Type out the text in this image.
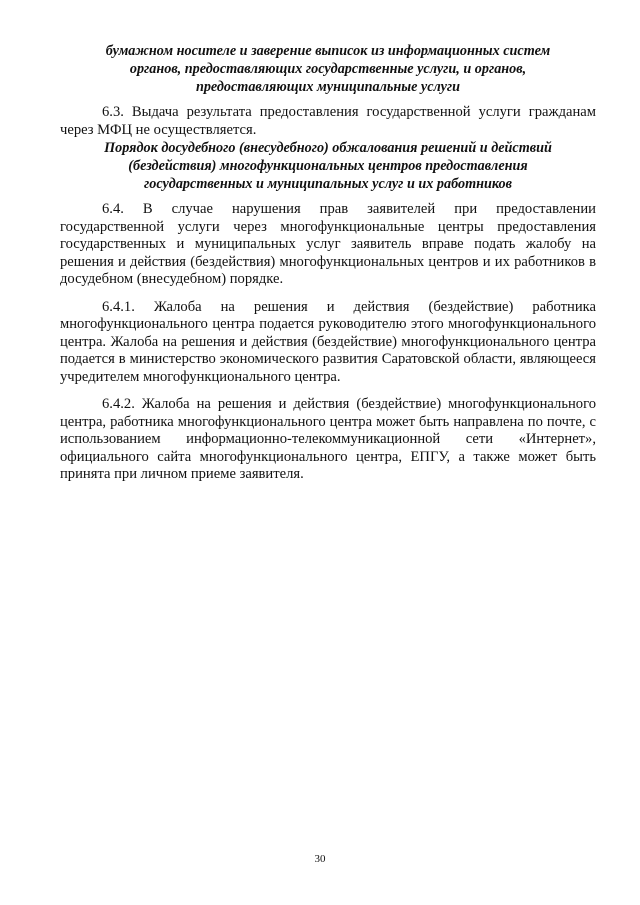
бумажном носителе и заверение выписок из информационных систем
органов, предоставляющих государственные услуги, и органов,
предоставляющих муниципальные услуги

6.3. Выдача результата предоставления государственной услуги гражданам через МФЦ не осуществляется.

Порядок досудебного (внесудебного) обжалования решений и действий
(бездействия) многофункциональных центров предоставления
государственных и муниципальных услуг и их работников

6.4. В случае нарушения прав заявителей при предоставлении государственной услуги через многофункциональные центры предоставления государственных и муниципальных услуг заявитель вправе подать жалобу на решения и действия (бездействия) многофункциональных центров и их работников в досудебном (внесудебном) порядке.

6.4.1. Жалоба на решения и действия (бездействие) работника многофункционального центра подается руководителю этого многофункционального центра. Жалоба на решения и действия (бездействие) многофункционального центра подается в министерство экономического развития Саратовской области, являющееся учредителем многофункционального центра.

6.4.2. Жалоба на решения и действия (бездействие) многофункционального центра, работника многофункционального центра может быть направлена по почте, с использованием информационно-телекоммуникационной сети «Интернет», официального сайта многофункционального центра, ЕПГУ, а также может быть принята при личном приеме заявителя.

30
